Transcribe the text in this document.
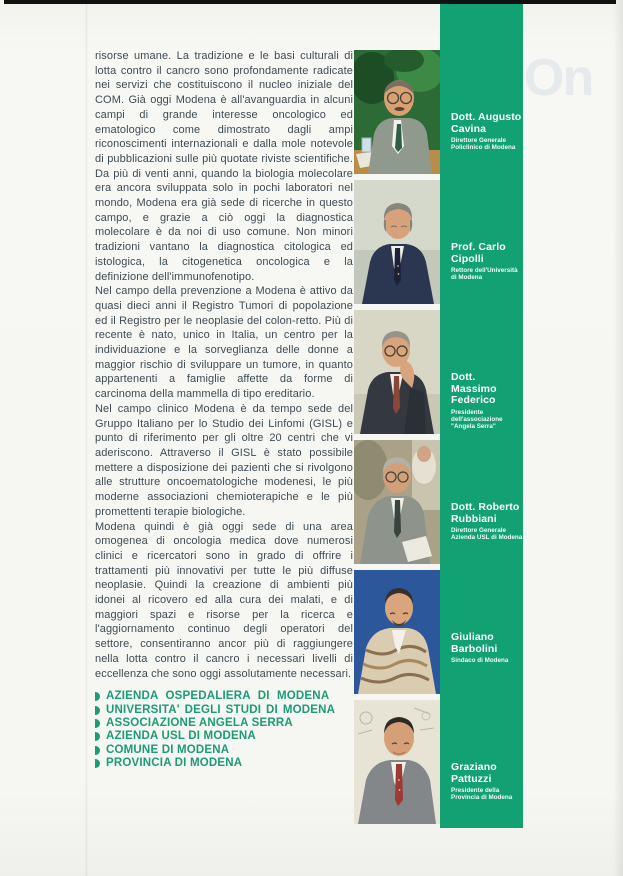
On

risorse umane. La tradizione e le basi culturali di lotta contro il cancro sono profondamente radicate nei servizi che costituiscono il nucleo iniziale del COM. Già oggi Modena è all'avanguardia in alcuni campi di grande interesse oncologico ed ematologico come dimostrato dagli ampi riconoscimenti internazionali e dalla mole notevole di pubblicazioni sulle più quotate riviste scientifiche. Da più di venti anni, quando la biologia molecolare era ancora sviluppata solo in pochi laboratori nel mondo, Modena era già sede di ricerche in questo campo, e grazie a ciò oggi la diagnostica molecolare è da noi di uso comune. Non minori tradizioni vantano la diagnostica citologica ed istologica, la citogenetica oncologica e la definizione dell'immunofenotipo.

Nel campo della prevenzione a Modena è attivo da quasi dieci anni il Registro Tumori di popolazione ed il Registro per le neoplasie del colon-retto. Più di recente è nato, unico in Italia, un centro per la individuazione e la sorveglianza delle donne a maggior rischio di sviluppare un tumore, in quanto appartenenti a famiglie affette da forme di carcinoma della mammella di tipo ereditario.

Nel campo clinico Modena è da tempo sede del Gruppo Italiano per lo Studio dei Linfomi (GISL) e punto di riferimento per gli oltre 20 centri che vi aderiscono. Attraverso il GISL è stato possibile mettere a disposizione dei pazienti che si rivolgono alle strutture oncoematologiche modenesi, le più moderne associazioni chemioterapiche e le più promettenti terapie biologiche.

Modena quindi è già oggi sede di una area omogenea di oncologia medica dove numerosi clinici e ricercatori sono in grado di offrire i trattamenti più innovativi per tutte le più diffuse neoplasie. Quindi la creazione di ambienti più idonei al ricovero ed alla cura dei malati, e di maggiori spazi e risorse per la ricerca e l'aggiornamento continuo degli operatori del settore, consentiranno ancor più di raggiungere nella lotta contro il cancro i necessari livelli di eccellenza che sono oggi assolutamente necessari.

AZIENDA OSPEDALIERA DI MODENA
UNIVERSITA' DEGLI STUDI DI MODENA
ASSOCIAZIONE ANGELA SERRA
AZIENDA USL DI MODENA
COMUNE DI MODENA
PROVINCIA DI MODENA
Dott. Augusto Cavina
Direttore Generale Policlinico di Modena
Prof. Carlo Cipolli
Rettore dell'Università di Modena
Dott. Massimo Federico
Presidente dell'associazione "Angela Serra"
Dott. Roberto Rubbiani
Direttore Generale Azienda USL di Modena
Giuliano Barbolini
Sindaco di Modena
Graziano Pattuzzi
Presidente della Provincia di Modena
